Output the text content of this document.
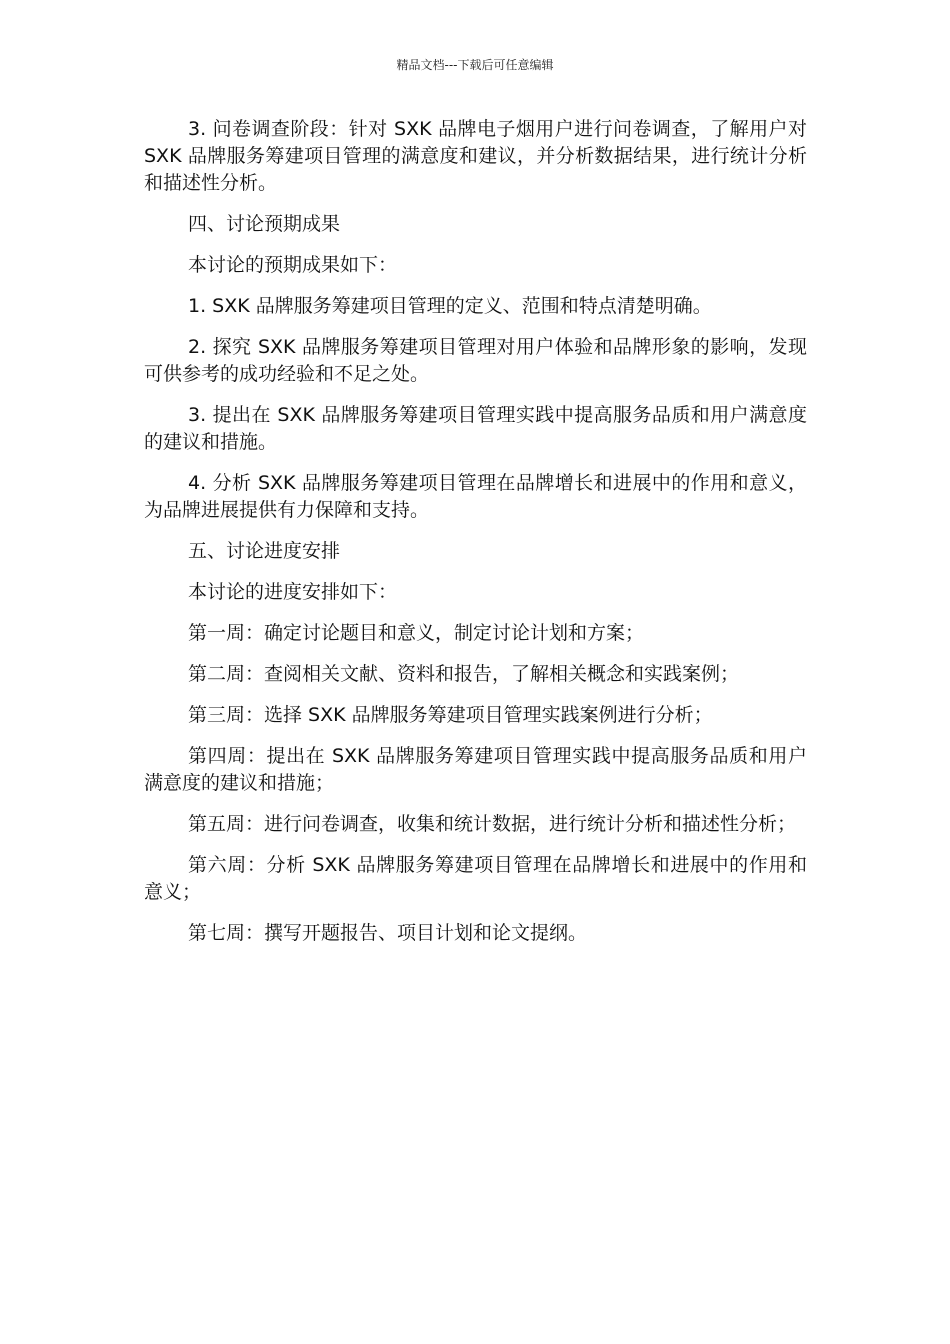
精品文档---下载后可任意编辑

3. 问卷调查阶段：针对 SXK 品牌电子烟用户进行问卷调查，了解用户对 SXK 品牌服务筹建项目管理的满意度和建议，并分析数据结果，进行统计分析和描述性分析。

四、讨论预期成果

本讨论的预期成果如下：

1. SXK 品牌服务筹建项目管理的定义、范围和特点清楚明确。

2. 探究 SXK 品牌服务筹建项目管理对用户体验和品牌形象的影响，发现可供参考的成功经验和不足之处。

3. 提出在 SXK 品牌服务筹建项目管理实践中提高服务品质和用户满意度的建议和措施。

4. 分析 SXK 品牌服务筹建项目管理在品牌增长和进展中的作用和意义，为品牌进展提供有力保障和支持。

五、讨论进度安排

本讨论的进度安排如下：

第一周：确定讨论题目和意义，制定讨论计划和方案；

第二周：查阅相关文献、资料和报告，了解相关概念和实践案例；

第三周：选择 SXK 品牌服务筹建项目管理实践案例进行分析；

第四周：提出在 SXK 品牌服务筹建项目管理实践中提高服务品质和用户满意度的建议和措施；

第五周：进行问卷调查，收集和统计数据，进行统计分析和描述性分析；

第六周：分析 SXK 品牌服务筹建项目管理在品牌增长和进展中的作用和意义；

第七周：撰写开题报告、项目计划和论文提纲。
